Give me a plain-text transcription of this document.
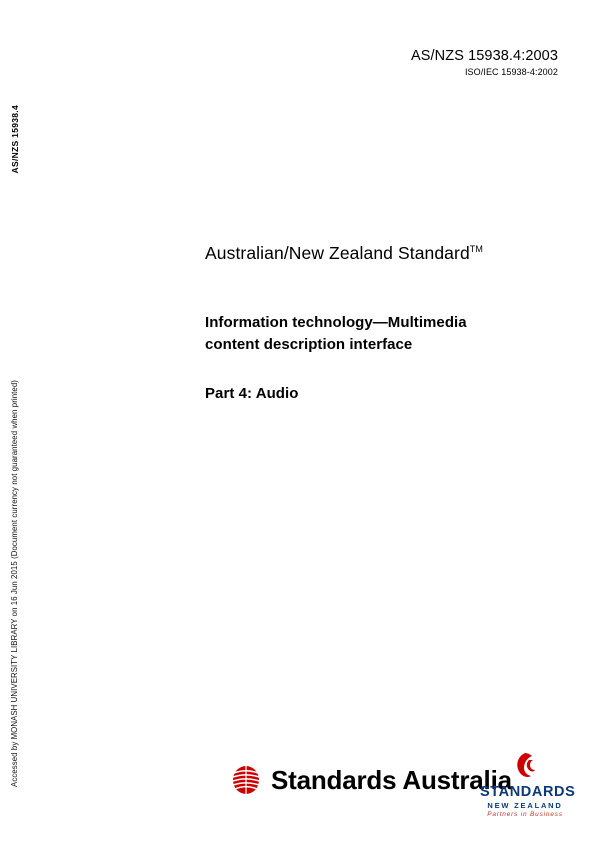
AS/NZS 15938.4
Accessed by MONASH UNIVERSITY LIBRARY on 16 Jun 2015 (Document currency not guaranteed when printed)
AS/NZS 15938.4:2003
ISO/IEC 15938-4:2002
Australian/New Zealand Standard™
Information technology—Multimedia
content description interface
Part 4: Audio
Standards Australia
STANDARDS
NEW ZEALAND
Partners in Business
